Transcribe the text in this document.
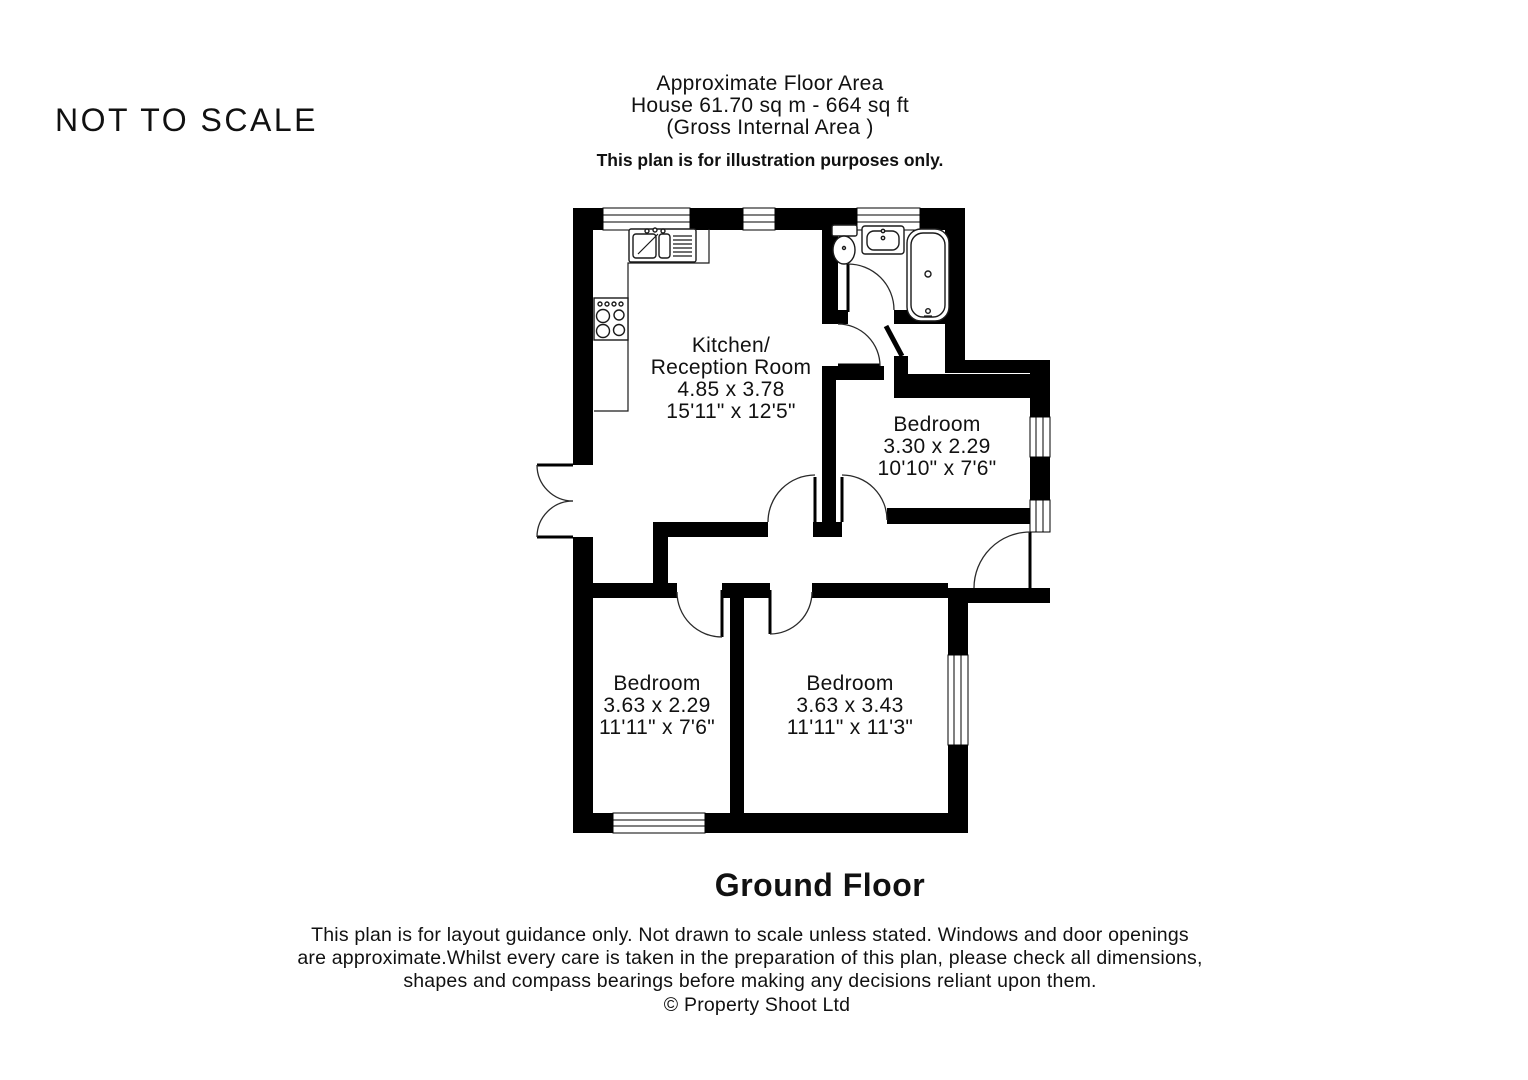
Kitchen/
Reception Room
4.85 x 3.78
15'11" x 12'5"
Bedroom
3.30 x 2.29
10'10" x 7'6"
Bedroom
3.63 x 2.29
11'11" x 7'6"
Bedroom
3.63 x 3.43
11'11" x 11'3"
NOT TO SCALE
Approximate Floor Area
House 61.70 sq m - 664 sq ft
(Gross Internal Area )
This plan is for illustration purposes only.
Ground Floor
This plan is for layout guidance only. Not drawn to scale unless stated. Windows and door openings
are approximate.Whilst every care is taken in the preparation of this plan, please check all dimensions,
shapes and compass bearings before making any decisions reliant upon them.
© Property Shoot Ltd
